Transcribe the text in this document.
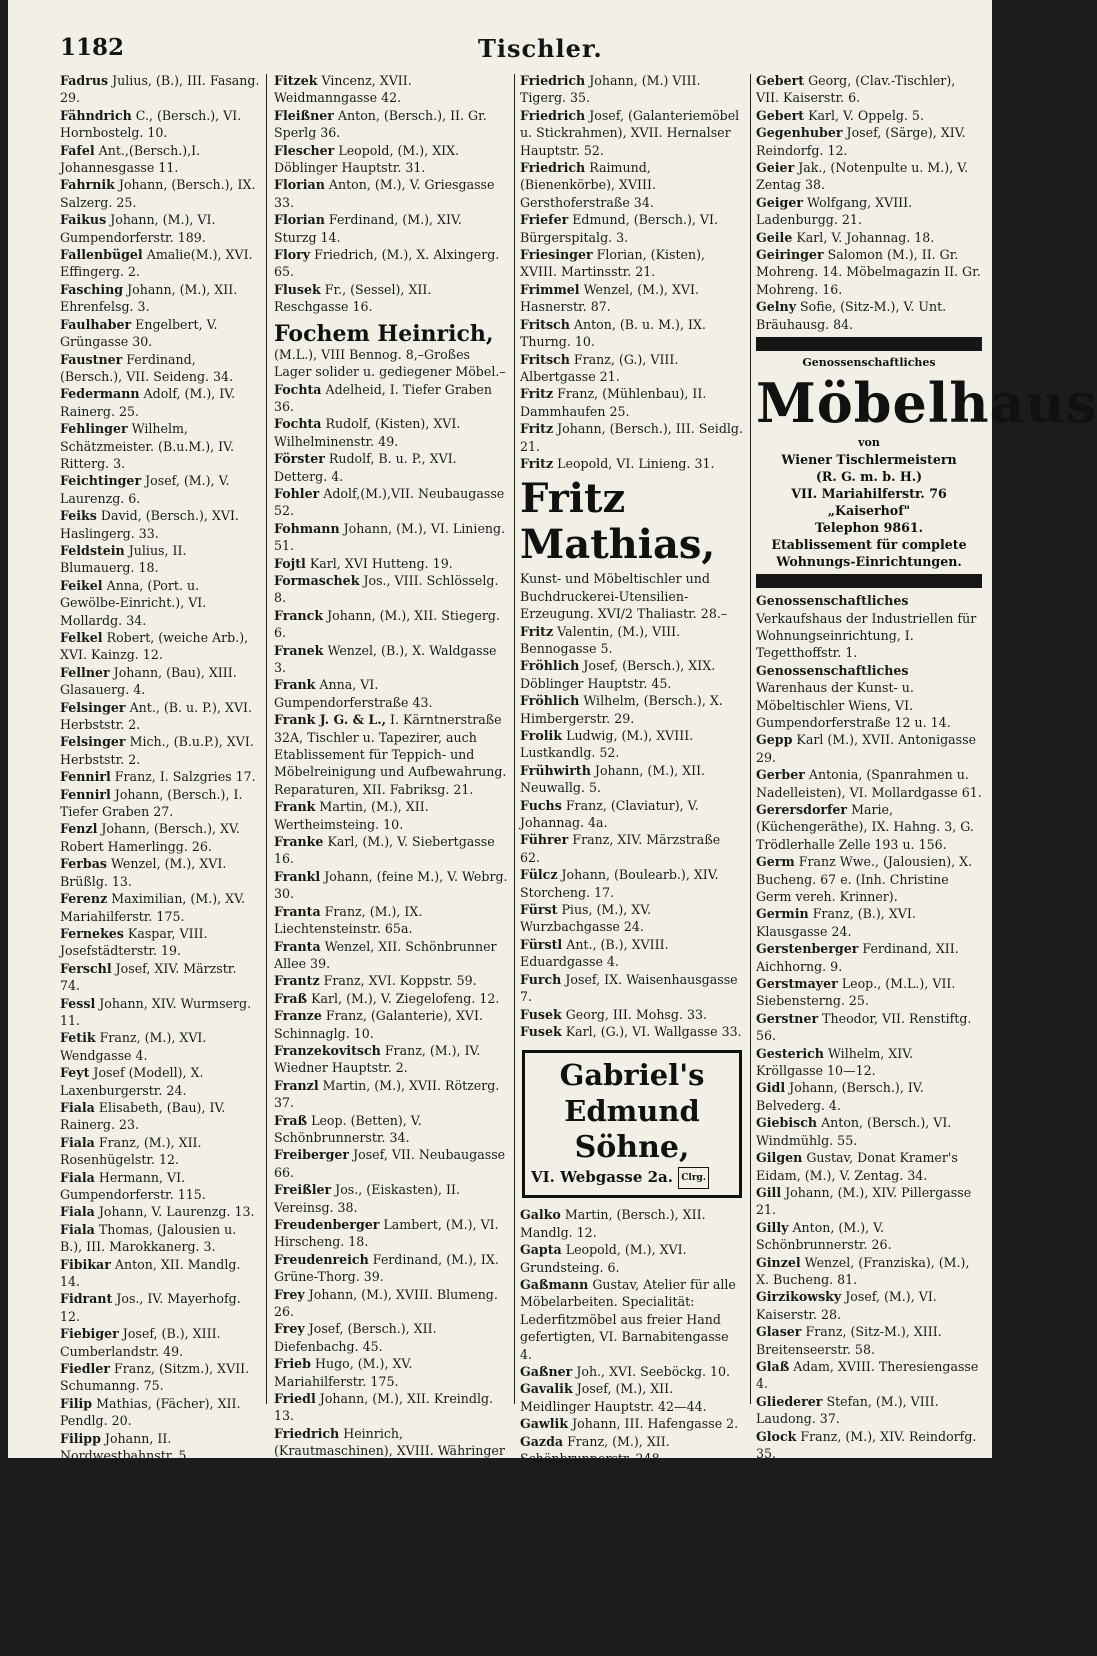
1182	Tischler.
Fadrus Julius, (B.), III. Fasang. 29.
Fähndrich C., (Bersch.), VI. Hornbostelg. 10.
Fafel Ant.,(Bersch.),I. Johannesgasse 11.
Fahrnik Johann, (Bersch.), IX. Salzerg. 25.
Faikus Johann, (M.), VI. Gumpendorferstr. 189.
Fallenbügel Amalie(M.), XVI. Effingerg. 2.
Fasching Johann, (M.), XII. Ehrenfelsg. 3.
Faulhaber Engelbert, V. Grüngasse 30.
Faustner Ferdinand, (Bersch.), VII. Seideng. 34.
Federmann Adolf, (M.), IV. Rainerg. 25.
Fehlinger Wilhelm, Schätzmeister. (B.u.M.), IV. Ritterg. 3.
Feichtinger Josef, (M.), V. Laurenzg. 6.
Feiks David, (Bersch.), XVI. Haslingerg. 33.
Feldstein Julius, II. Blumauerg. 18.
Feikel Anna, (Port. u. Gewölbe-Einricht.), VI. Mollardg. 34.
Felkel Robert, (weiche Arb.), XVI. Kainzg. 12.
Fellner Johann, (Bau), XIII. Glasauerg. 4.
Felsinger Ant., (B. u. P.), XVI. Herbststr. 2.
Felsinger Mich., (B.u.P.), XVI. Herbststr. 2.
Fennirl Franz, I. Salzgries 17.
Fennirl Johann, (Bersch.), I. Tiefer Graben 27.
Fenzl Johann, (Bersch.), XV. Robert Hamerlingg. 26.
Ferbas Wenzel, (M.), XVI. Brüßlg. 13.
Ferenz Maximilian, (M.), XV. Mariahilferstr. 175.
Fernekes Kaspar, VIII. Josefstädterstr. 19.
Ferschl Josef, XIV. Märzstr. 74.
Fessl Johann, XIV. Wurmserg. 11.
Fetik Franz, (M.), XVI. Wendgasse 4.
Feyt Josef (Modell), X. Laxenburgerstr. 24.
Fiala Elisabeth, (Bau), IV. Rainerg. 23.
Fiala Franz, (M.), XII. Rosenhügelstr. 12.
Fiala Hermann, VI. Gumpendorferstr. 115.
Fiala Johann, V. Laurenzg. 13.
Fiala Thomas, (Jalousien u. B.), III. Marokkanerg. 3.
Fibikar Anton, XII. Mandlg. 14.
Fidrant Jos., IV. Mayerhofg. 12.
Fiebiger Josef, (B.), XIII. Cumberlandstr. 49.
Fiedler Franz, (Sitzm.), XVII. Schumanng. 75.
Filip Mathias, (Fächer), XII. Pendlg. 20.
Filipp Johann, II. Nordwestbahnstr. 5.
Filz Josef u. Gottlieb Loucka, I. Singerstr. 11.
Fischer Alois, VI. Brückeng. 7.
Fischer Karl, (Fächer), XV. Karmeliterhofg. 4.
Fischer Leopold, (Bersch.), I. Fleischmarkt 8.
Fischer Otto, (M.), XVII. Mayßeng. 28.
Fitz Laurenz, (M.), X. Quellengasse 145.
Fitzek Vincenz, XVII. Weidmanngasse 42.
Fleißner Anton, (Bersch.), II. Gr. Sperlg 36.
Flescher Leopold, (M.), XIX. Döblinger Hauptstr. 31.
Florian Anton, (M.), V. Griesgasse 33.
Florian Ferdinand, (M.), XIV. Sturzg 14.
Flory Friedrich, (M.), X. Alxingerg. 65.
Flusek Fr., (Sessel), XII. Reschgasse 16.
Fochem Heinrich,
(M.L.), VIII Bennog. 8,–Großes Lager solider u. gediegener Möbel.–
Fochta Adelheid, I. Tiefer Graben 36.
Fochta Rudolf, (Kisten), XVI. Wilhelminenstr. 49.
Förster Rudolf, B. u. P., XVI. Detterg. 4.
Fohler Adolf,(M.),VII. Neubaugasse 52.
Fohmann Johann, (M.), VI. Linieng. 51.
Fojtl Karl, XVI Hutteng. 19.
Formaschek Jos., VIII. Schlösselg. 8.
Franck Johann, (M.), XII. Stiegerg. 6.
Franek Wenzel, (B.), X. Waldgasse 3.
Frank Anna, VI. Gumpendorferstraße 43.
Frank J. G. & L., I. Kärntnerstraße 32A, Tischler u. Tapezirer, auch Etablissement für Teppich- und Möbelreinigung und Aufbewahrung. Reparaturen, XII. Fabriksg. 21.
Frank Martin, (M.), XII. Wertheimsteing. 10.
Franke Karl, (M.), V. Siebertgasse 16.
Frankl Johann, (feine M.), V. Webrg. 30.
Franta Franz, (M.), IX. Liechtensteinstr. 65a.
Franta Wenzel, XII. Schönbrunner Allee 39.
Frantz Franz, XVI. Koppstr. 59.
Fraß Karl, (M.), V. Ziegelofeng. 12.
Franze Franz, (Galanterie), XVI. Schinnaglg. 10.
Franzekovitsch Franz, (M.), IV. Wiedner Hauptstr. 2.
Franzl Martin, (M.), XVII. Rötzerg. 37.
Fraß Leop. (Betten), V. Schönbrunnerstr. 34.
Freiberger Josef, VII. Neubaugasse 66.
Freißler Jos., (Eiskasten), II. Vereinsg. 38.
Freudenberger Lambert, (M.), VI. Hirscheng. 18.
Freudenreich Ferdinand, (M.), IX. Grüne-Thorg. 39.
Frey Johann, (M.), XVIII. Blumeng. 26.
Frey Josef, (Bersch.), XII. Diefenbachg. 45.
Frieb Hugo, (M.), XV. Mariahilferstr. 175.
Friedl Johann, (M.), XII. Kreindlg. 13.
Friedrich Heinrich, (Krautmaschinen), XVIII. Währinger Gürtel 51.
Friedrich Johann, (M.) VIII. Tigerg. 35.
Friedrich Josef, (Galanteriemöbel u. Stickrahmen), XVII. Hernalser Hauptstr. 52.
Friedrich Raimund, (Bienenkörbe), XVIII. Gersthoferstraße 34.
Friefer Edmund, (Bersch.), VI. Bürgerspitalg. 3.
Friesinger Florian, (Kisten), XVIII. Martinsstr. 21.
Frimmel Wenzel, (M.), XVI. Hasnerstr. 87.
Fritsch Anton, (B. u. M.), IX. Thurng. 10.
Fritsch Franz, (G.), VIII. Albertgasse 21.
Fritz Franz, (Mühlenbau), II. Dammhaufen 25.
Fritz Johann, (Bersch.), III. Seidlg. 21.
Fritz Leopold, VI. Linieng. 31.
Fritz Mathias,
Kunst- und Möbeltischler und Buchdruckerei-Utensilien-Erzeugung. XVI/2 Thaliastr. 28.–
Fritz Valentin, (M.), VIII. Bennogasse 5.
Fröhlich Josef, (Bersch.), XIX. Döblinger Hauptstr. 45.
Fröhlich Wilhelm, (Bersch.), X. Himbergerstr. 29.
Frolik Ludwig, (M.), XVIII. Lustkandlg. 52.
Frühwirth Johann, (M.), XII. Neuwallg. 5.
Fuchs Franz, (Claviatur), V. Johannag. 4a.
Führer Franz, XIV. Märzstraße 62.
Fülcz Johann, (Boulearb.), XIV. Storcheng. 17.
Fürst Pius, (M.), XV. Wurzbachgasse 24.
Fürstl Ant., (B.), XVIII. Eduardgasse 4.
Furch Josef, IX. Waisenhausgasse 7.
Fusek Georg, III. Mohsg. 33.
Fusek Karl, (G.), VI. Wallgasse 33.
Gabriel's Edmund
Söhne,
VI. Webgasse 2a. Clrg.
Galko Martin, (Bersch.), XII. Mandlg. 12.
Gapta Leopold, (M.), XVI. Grundsteing. 6.
Gaßmann Gustav, Atelier für alle Möbelarbeiten. Specialität: Lederfitzmöbel aus freier Hand gefertigten, VI. Barnabitengasse 4.
Gaßner Joh., XVI. Seeböckg. 10.
Gavalik Josef, (M.), XII. Meidlinger Hauptstr. 42—44.
Gawlik Johann, III. Hafengasse 2.
Gazda Franz, (M.), XII. Schönbrunnerstr. 248.
Gebauer Anton, (B.), XVI. Einnerg. 11.
Gebauer Anton, (M.), V. Unt. Amtshausg. 2.
Gebel Karl, (M.), XVI. Koppstraße 30.
Gebert Georg, (Clav.-Tischler), VII. Kaiserstr. 6.
Gebert Karl, V. Oppelg. 5.
Gegenhuber Josef, (Särge), XIV. Reindorfg. 12.
Geier Jak., (Notenpulte u. M.), V. Zentag 38.
Geiger Wolfgang, XVIII. Ladenburgg. 21.
Geile Karl, V. Johannag. 18.
Geiringer Salomon (M.), II. Gr. Mohreng. 14. Möbelmagazin II. Gr. Mohreng. 16.
Gelny Sofie, (Sitz-M.), V. Unt. Bräuhausg. 84.
Genossenschaftliches
Möbelhaus
von
Wiener Tischlermeistern
(R. G. m. b. H.)
VII. Mariahilferstr. 76 „Kaiserhof"
Telephon 9861.
Etablissement für complete Wohnungs-Einrichtungen.
Genossenschaftliches Verkaufshaus der Industriellen für Wohnungseinrichtung, I. Tegetthoffstr. 1.
Genossenschaftliches Warenhaus der Kunst- u. Möbeltischler Wiens, VI. Gumpendorferstraße 12 u. 14.
Gepp Karl (M.), XVII. Antonigasse 29.
Gerber Antonia, (Spanrahmen u. Nadelleisten), VI. Mollardgasse 61.
Gerersdorfer Marie, (Küchengeräthe), IX. Hahng. 3, G. Trödlerhalle Zelle 193 u. 156.
Germ Franz Wwe., (Jalousien), X. Bucheng. 67 e. (Inh. Christine Germ vereh. Krinner).
Germin Franz, (B.), XVI. Klausgasse 24.
Gerstenberger Ferdinand, XII. Aichhorng. 9.
Gerstmayer Leop., (M.L.), VII. Siebensterng. 25.
Gerstner Theodor, VII. Renstiftg. 56.
Gesterich Wilhelm, XIV. Kröllgasse 10—12.
Gidl Johann, (Bersch.), IV. Belvederg. 4.
Giebisch Anton, (Bersch.), VI. Windmühlg. 55.
Gilgen Gustav, Donat Kramer's Eidam, (M.), V. Zentag. 34.
Gill Johann, (M.), XIV. Pillergasse 21.
Gilly Anton, (M.), V. Schönbrunnerstr. 26.
Ginzel Wenzel, (Franziska), (M.), X. Bucheng. 81.
Girzikowsky Josef, (M.), VI. Kaiserstr. 28.
Glaser Franz, (Sitz-M.), XIII. Breitenseerstr. 58.
Glaß Adam, XVIII. Theresiengasse 4.
Gliederer Stefan, (M.), VIII. Laudong. 37.
Glock Franz, (M.), XIV. Reindorfg. 35.
